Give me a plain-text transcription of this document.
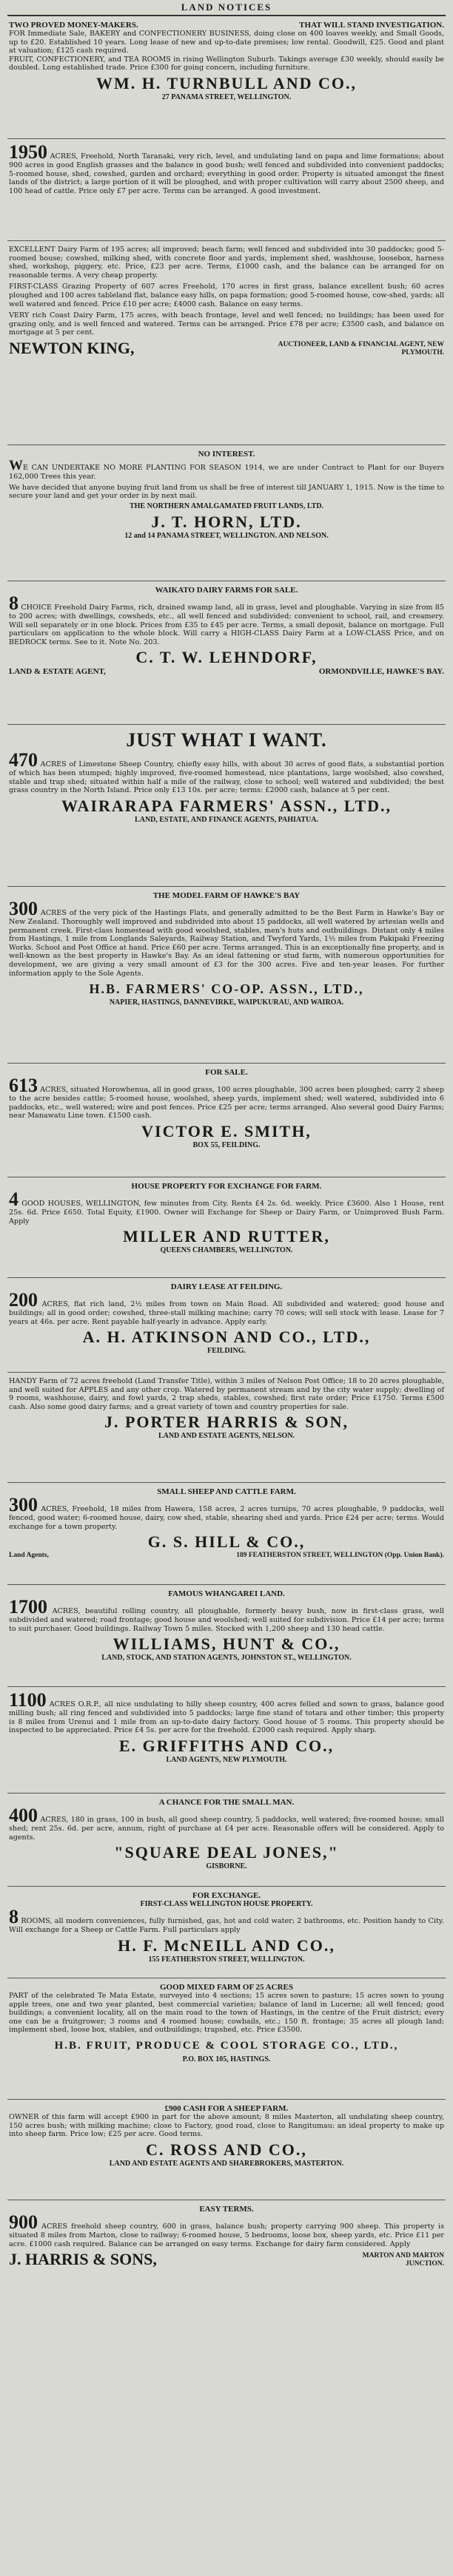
LAND NOTICES
TWO PROVED MONEY-MAKERS.	THAT WILL STAND INVESTIGATION.

FOR Immediate Sale, BAKERY and CONFECTIONERY BUSINESS, doing close on 400 loaves weekly, and Small Goods, up to £20. Established 10 years. Long lease of new and up-to-date premises; low rental. Goodwill, £25. Good and plant at valuation; £125 cash required.

FRUIT, CONFECTIONERY, and TEA ROOMS in rising Wellington Suburb. Takings average £30 weekly, should easily be doubled. Long established trade. Price £300 for going concern, including furniture.

WM. H. TURNBULL AND CO.,
27 PANAMA STREET, WELLINGTON.

1950 ACRES, Freehold, North Taranaki, very rich, level, and undulating land on papa and lime formations; about 900 acres in good English grasses and the balance in good bush; well fenced and subdivided into convenient paddocks; 5-roomed house, shed, cowshed, garden and orchard; everything in good order. Property is situated amongst the finest lands of the district; a large portion of it will be ploughed, and with proper cultivation will carry about 2500 sheep, and 100 head of cattle. Price only £7 per acre. Terms can be arranged. A good investment.

EXCELLENT Dairy Farm of 195 acres; all improved; beach farm; well fenced and subdivided into 30 paddocks; good 5-roomed house; cowshed, milking shed, with concrete floor and yards, implement shed, washhouse, loosebox, harness shed, workshop, piggery, etc. Price, £23 per acre. Terms, £1000 cash, and the balance can be arranged for on reasonable terms. A very cheap property.

FIRST-CLASS Grazing Property of 607 acres Freehold, 170 acres in first grass, balance excellent bush; 60 acres ploughed and 100 acres tableland flat, balance easy hills, on papa formation; good 5-roomed house, cow-shed, yards; all well watered and fenced. Price £10 per acre; £4000 cash. Balance on easy terms.

VERY rich Coast Dairy Farm, 175 acres, with beach frontage, level and well fenced; no buildings; has been used for grazing only, and is well fenced and watered. Terms can be arranged. Price £78 per acre; £3500 cash, and balance on mortgage at 5 per cent.

NEWTON KING,	AUCTIONEER, LAND & FINANCIAL AGENT, NEW PLYMOUTH.
NO INTEREST.

WE CAN UNDERTAKE NO MORE PLANTING FOR SEASON 1914, we are under Contract to Plant for our Buyers 162,000 Trees this year.

We have decided that anyone buying fruit land from us shall be free of interest till JANUARY 1, 1915. Now is the time to secure your land and get your order in by next mail.

THE NORTHERN AMALGAMATED FRUIT LANDS, LTD.
J. T. HORN, LTD.
12 and 14 PANAMA STREET, WELLINGTON. AND NELSON.
WAIKATO DAIRY FARMS FOR SALE.

8 CHOICE Freehold Dairy Farms, rich, drained swamp land, all in grass, level and ploughable. Varying in size from 85 to 200 acres; with dwellings, cowsheds, etc., all well fenced and subdivided; convenient to school, rail, and creamery. Will sell separately or in one block. Prices from £35 to £45 per acre. Terms, a small deposit, balance on mortgage. Full particulars on application to the whole block. Will carry a HIGH-CLASS Dairy Farm at a LOW-CLASS Price, and on BEDROCK terms. See to it. Note No. 203.

C. T. W. LEHNDORF,
LAND & ESTATE AGENT,	ORMONDVILLE, HAWKE'S BAY.
JUST WHAT I WANT.

470 ACRES of Limestone Sheep Country, chiefly easy hills, with about 30 acres of good flats, a substantial portion of which has been stumped; highly improved, five-roomed homestead, nice plantations, large woolshed, also cowshed, stable and trap shed; situated within half a mile of the railway, close to school; well watered and subdivided; the best grass country in the North Island. Price only £13 10s. per acre; terms: £2000 cash, balance at 5 per cent.

WAIRARAPA FARMERS' ASSN., LTD.,
LAND, ESTATE, AND FINANCE AGENTS, PAHIATUA.
THE MODEL FARM OF HAWKE'S BAY

300 ACRES of the very pick of the Hastings Flats, and generally admitted to be the Best Farm in Hawke's Bay or New Zealand. Thoroughly well improved and subdivided into about 15 paddocks, all well watered by artesian wells and permanent creek. First-class homestead with good woolshed, stables, men's huts and outbuildings. Distant only 4 miles from Hastings, 1 mile from Longlands Saleyards, Railway Station, and Twyford Yards, 1½ miles from Pakipaki Freezing Works. School and Post Office at hand. Price £60 per acre. Terms arranged. This is an exceptionally fine property, and is well-known as the best property in Hawke's Bay. As an ideal fattening or stud farm, with numerous opportunities for development, we are giving a very small amount of £3 for the 300 acres. Five and ten-year leases. For further information apply to the Sole Agents.

H.B. FARMERS' CO-OP. ASSN., LTD.,
NAPIER, HASTINGS, DANNEVIRKE, WAIPUKURAU, AND WAIROA.
FOR SALE.

613 ACRES, situated Horowhenua, all in good grass, 100 acres ploughable, 300 acres been ploughed; carry 2 sheep to the acre besides cattle; 5-roomed house, woolshed, sheep yards, implement shed; well watered, subdivided into 6 paddocks, etc., well watered; wire and post fences. Price £25 per acre; terms arranged. Also several good Dairy Farms; near Manawatu Line town. £1500 cash.

VICTOR E. SMITH,
BOX 55, FEILDING.
HOUSE PROPERTY FOR EXCHANGE FOR FARM.

4 GOOD HOUSES, WELLINGTON, few minutes from City. Rents £4 2s. 6d. weekly. Price £3600. Also 1 House, rent 25s. 6d. Price £650. Total Equity, £1900. Owner will Exchange for Sheep or Dairy Farm, or Unimproved Bush Farm. Apply

MILLER AND RUTTER,
QUEENS CHAMBERS, WELLINGTON.
DAIRY LEASE AT FEILDING.

200 ACRES, flat rich land, 2½ miles from town on Main Road. All subdivided and watered; good house and buildings; all in good order; cowshed, three-stall milking machine; carry 70 cows; will sell stock with lease. Lease for 7 years at 46s. per acre. Rent payable half-yearly in advance. Apply early.

A. H. ATKINSON AND CO., LTD.,
FEILDING.

HANDY Farm of 72 acres freehold (Land Transfer Title), within 3 miles of Nelson Post Office; 18 to 20 acres ploughable, and well suited for APPLES and any other crop. Watered by permanent stream and by the city water supply; dwelling of 9 rooms, washhouse, dairy, and fowl yards, 2 trap sheds, stables, cowshed; first rate order; Price £1750. Terms £500 cash. Also some good dairy farms; and a great variety of town and country properties for sale.

J. PORTER HARRIS & SON,
LAND AND ESTATE AGENTS, NELSON.
SMALL SHEEP AND CATTLE FARM.

300 ACRES, Freehold, 18 miles from Hawera, 158 acres, 2 acres turnips, 70 acres ploughable, 9 paddocks, well fenced, good water; 6-roomed house, dairy, cow shed, stable, shearing shed and yards. Price £24 per acre; terms. Would exchange for a town property.

G. S. HILL & CO.,
Land Agents,	189 FEATHERSTON STREET, WELLINGTON (Opp. Union Bank).
FAMOUS WHANGAREI LAND.

1700 ACRES, beautiful rolling country, all ploughable, formerly heavy bush, now in first-class grass, well subdivided and watered; road frontage; good house and woolshed; well suited for subdivision. Price £14 per acre; terms to suit purchaser. Good buildings. Railway Town 5 miles. Stocked with 1,200 sheep and 130 head cattle.

WILLIAMS, HUNT & CO.,
LAND, STOCK, AND STATION AGENTS, JOHNSTON ST., WELLINGTON.

1100 ACRES O.R.P., all nice undulating to hilly sheep country, 400 acres felled and sown to grass, balance good milling bush; all ring fenced and subdivided into 5 paddocks; large fine stand of totara and other timber; this property is 8 miles from Urenui and 1 mile from an up-to-date dairy factory. Good house of 5 rooms. This property should be inspected to be appreciated. Price £4 5s. per acre for the freehold. £2000 cash required. Apply sharp.

E. GRIFFITHS AND CO.,
LAND AGENTS, NEW PLYMOUTH.
A CHANCE FOR THE SMALL MAN.

400 ACRES, 180 in grass, 100 in bush, all good sheep country, 5 paddocks, well watered; five-roomed house; small shed; rent 25s. 6d. per acre, annum, right of purchase at £4 per acre. Reasonable offers will be considered. Apply to agents.

"SQUARE DEAL JONES,"
GISBORNE.
FOR EXCHANGE.
FIRST-CLASS WELLINGTON HOUSE PROPERTY.

8 ROOMS, all modern conveniences, fully furnished, gas, hot and cold water; 2 bathrooms, etc. Position handy to City. Will exchange for a Sheep or Cattle Farm. Full particulars apply

H. F. McNEILL AND CO.,
155 FEATHERSTON STREET, WELLINGTON.
GOOD MIXED FARM OF 25 ACRES

PART of the celebrated Te Mata Estate, surveyed into 4 sections; 15 acres sown to pasture; 15 acres sown to young apple trees, one and two year planted, best commercial varieties; balance of land in Lucerne; all well fenced; good buildings; a convenient locality, all on the main road to the town of Hastings, in the centre of the Fruit district; every one can be a fruitgrower; 3 rooms and 4 roomed house; cowbails, etc.; 150 ft. frontage; 35 acres all plough land; implement shed, loose box, stables, and outbuildings; trapshed, etc. Price £3500.

H.B. FRUIT, PRODUCE & COOL STORAGE CO., LTD.,
P.O. BOX 105, HASTINGS.
£900 CASH FOR A SHEEP FARM.

OWNER of this farm will accept £900 in part for the above amount; 8 miles Masterton, all undulating sheep country, 150 acres bush; with milking machine; close to Factory, good road, close to Rangitumau: an ideal property to make up into sheep farm. Price low; £25 per acre. Good terms.

C. ROSS AND CO.,
LAND AND ESTATE AGENTS AND SHAREBROKERS, MASTERTON.
EASY TERMS.

900 ACRES freehold sheep country, 600 in grass, balance bush; property carrying 900 sheep. This property is situated 8 miles from Marton, close to railway; 6-roomed house, 5 bedrooms, loose box, sheep yards, etc. Price £11 per acre. £1000 cash required. Balance can be arranged on easy terms. Exchange for dairy farm considered. Apply

J. HARRIS & SONS,	MARTON AND MARTON JUNCTION.
